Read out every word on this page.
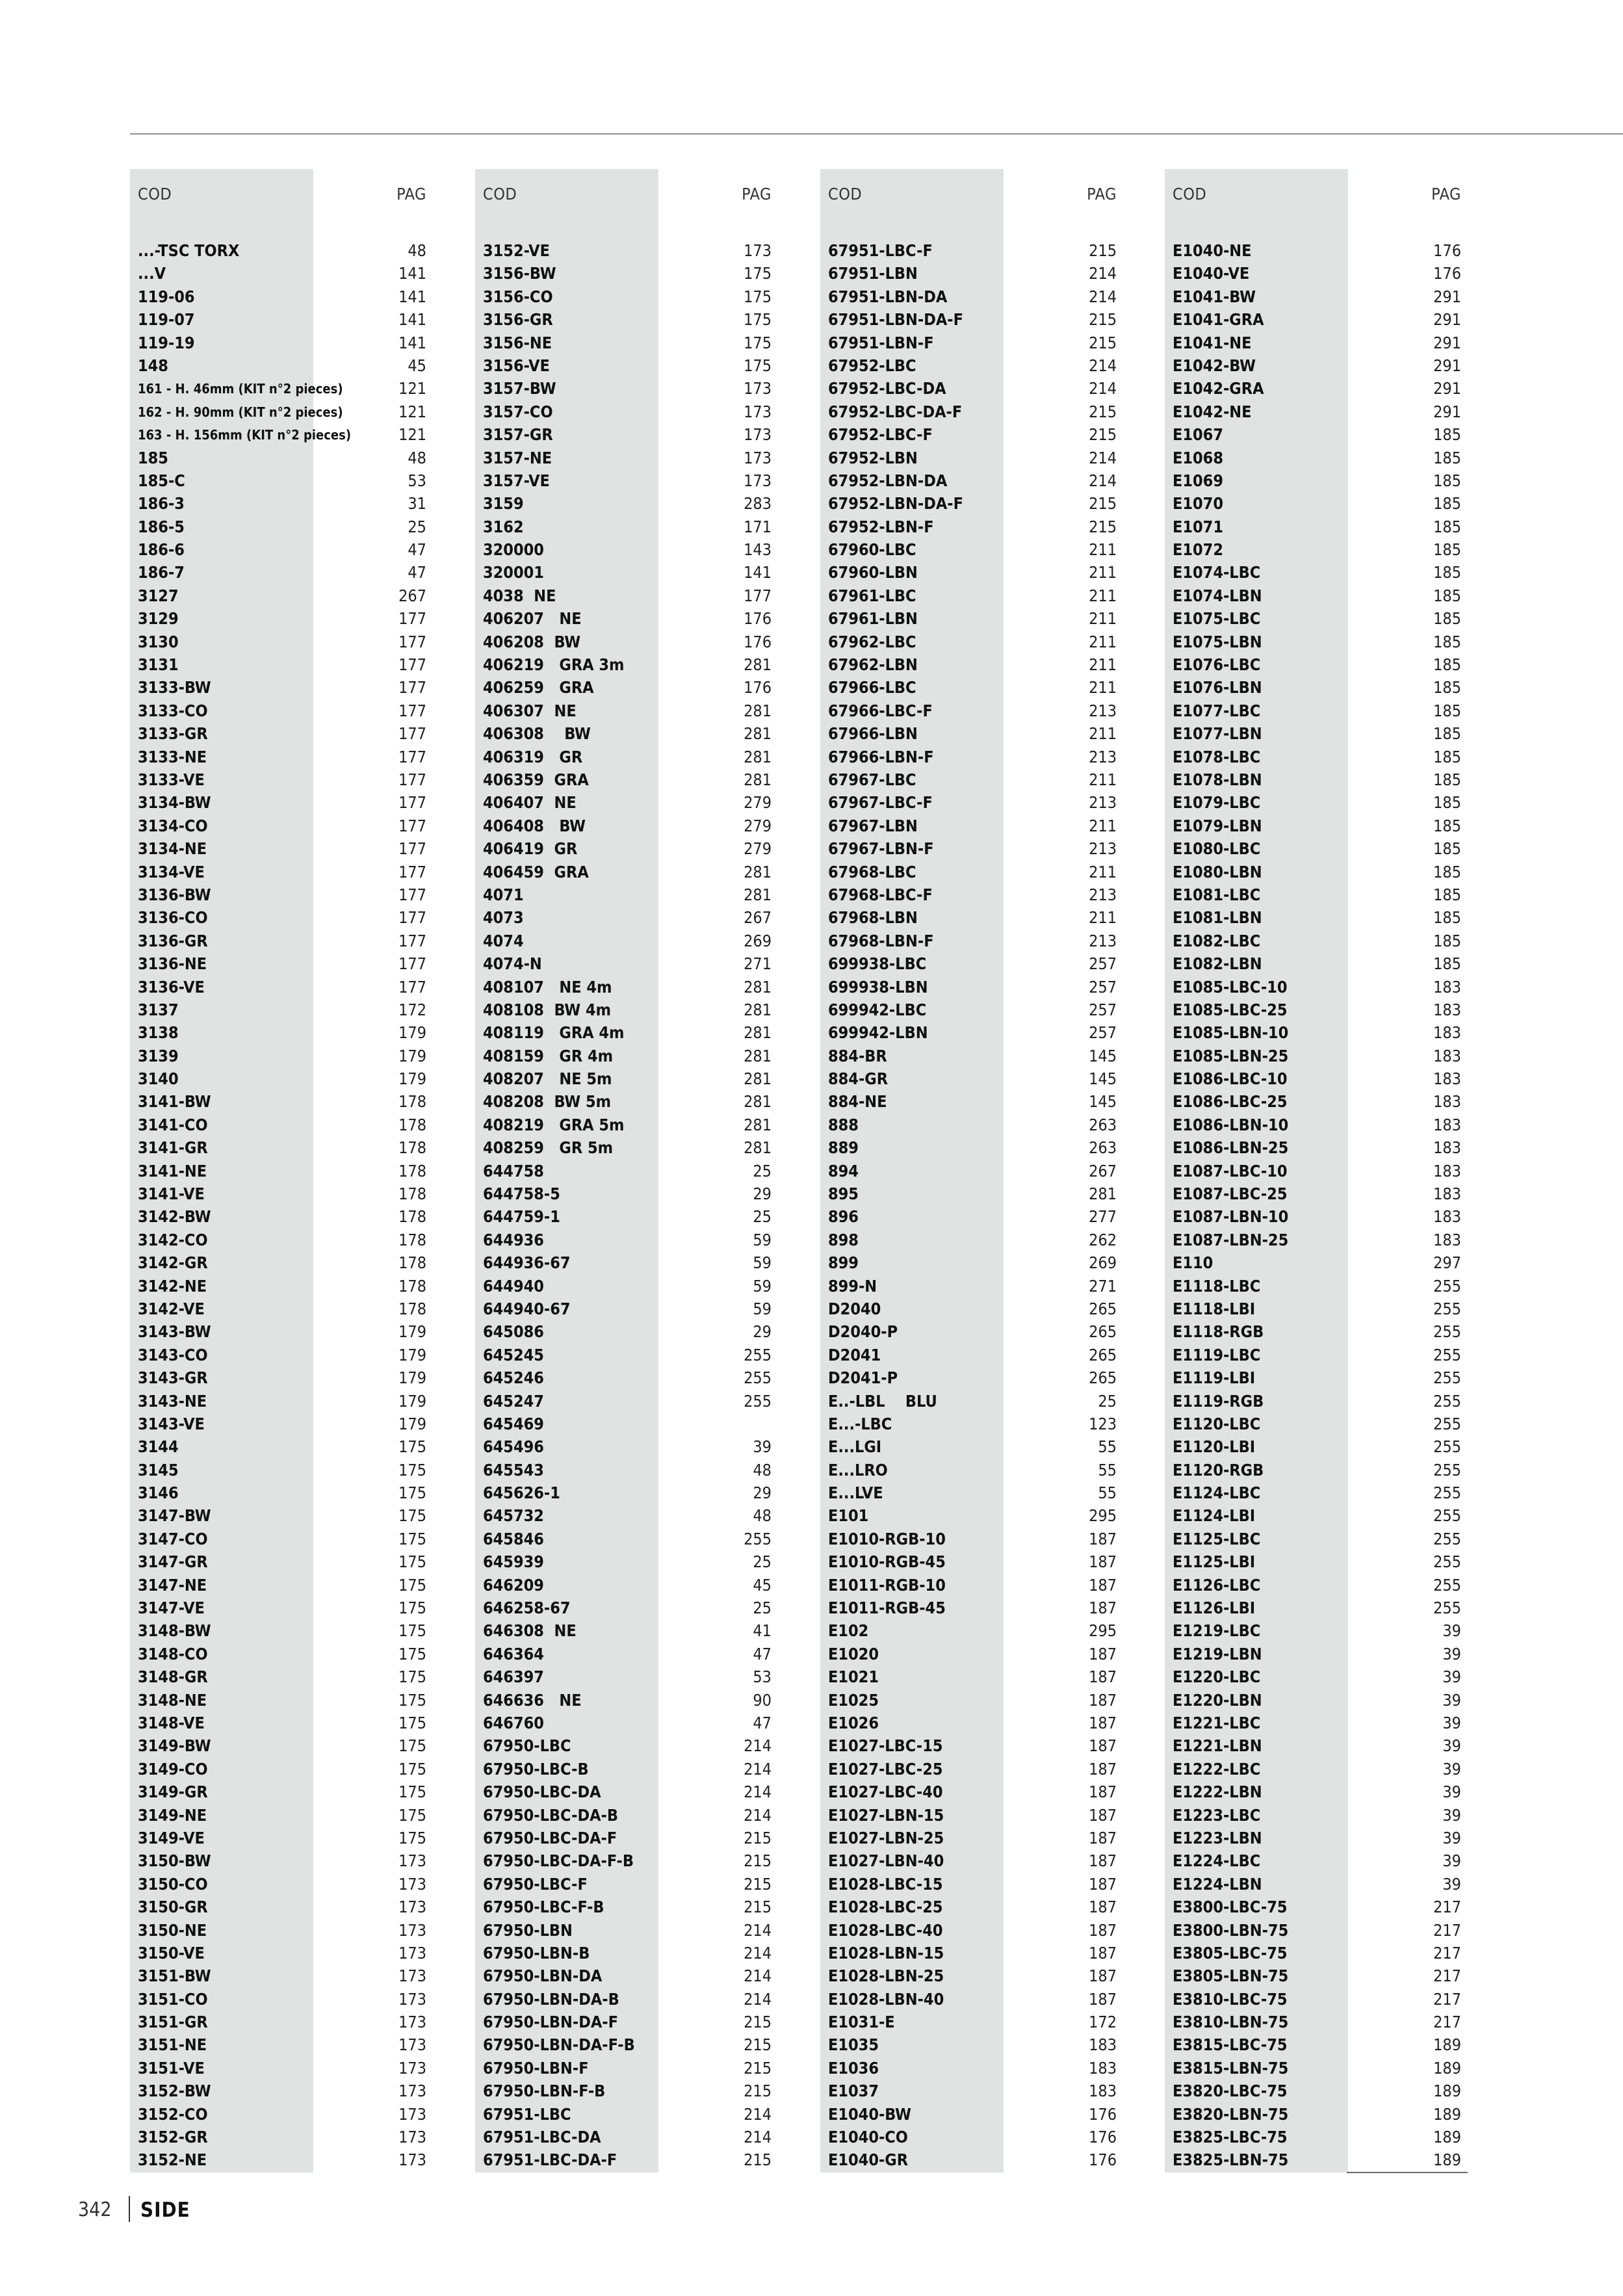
COD	PAG
...-TSC TORX	48
...V	141
119-06	141
119-07	141
119-19	141
148	45
161 - H. 46mm (KIT n°2 pieces)	121
162 - H. 90mm (KIT n°2 pieces)	121
163 - H. 156mm (KIT n°2 pieces)	121
185	48
185-C	53
186-3	31
186-5	25
186-6	47
186-7	47
3127	267
3129	177
3130	177
3131	177
3133-BW	177
3133-CO	177
3133-GR	177
3133-NE	177
3133-VE	177
3134-BW	177
3134-CO	177
3134-NE	177
3134-VE	177
3136-BW	177
3136-CO	177
3136-GR	177
3136-NE	177
3136-VE	177
3137	172
3138	179
3139	179
3140	179
3141-BW	178
3141-CO	178
3141-GR	178
3141-NE	178
3141-VE	178
3142-BW	178
3142-CO	178
3142-GR	178
3142-NE	178
3142-VE	178
3143-BW	179
3143-CO	179
3143-GR	179
3143-NE	179
3143-VE	179
3144	175
3145	175
3146	175
3147-BW	175
3147-CO	175
3147-GR	175
3147-NE	175
3147-VE	175
3148-BW	175
3148-CO	175
3148-GR	175
3148-NE	175
3148-VE	175
3149-BW	175
3149-CO	175
3149-GR	175
3149-NE	175
3149-VE	175
3150-BW	173
3150-CO	173
3150-GR	173
3150-NE	173
3150-VE	173
3151-BW	173
3151-CO	173
3151-GR	173
3151-NE	173
3151-VE	173
3152-BW	173
3152-CO	173
3152-GR	173
3152-NE	173
COD	PAG
3152-VE	173
3156-BW	175
3156-CO	175
3156-GR	175
3156-NE	175
3156-VE	175
3157-BW	173
3157-CO	173
3157-GR	173
3157-NE	173
3157-VE	173
3159	283
3162	171
320000	143
320001	141
4038  NE	177
406207   NE	176
406208  BW	176
406219   GRA 3m	281
406259   GRA	176
406307  NE	281
406308    BW	281
406319   GR	281
406359  GRA	281
406407  NE	279
406408   BW	279
406419  GR	279
406459  GRA	281
4071	281
4073	267
4074	269
4074-N	271
408107   NE 4m	281
408108  BW 4m	281
408119   GRA 4m	281
408159   GR 4m	281
408207   NE 5m	281
408208  BW 5m	281
408219   GRA 5m	281
408259   GR 5m	281
644758	25
644758-5	29
644759-1	25
644936	59
644936-67	59
644940	59
644940-67	59
645086	29
645245	255
645246	255
645247	255
645469
645496	39
645543	48
645626-1	29
645732	48
645846	255
645939	25
646209	45
646258-67	25
646308  NE	41
646364	47
646397	53
646636   NE	90
646760	47
67950-LBC	214
67950-LBC-B	214
67950-LBC-DA	214
67950-LBC-DA-B	214
67950-LBC-DA-F	215
67950-LBC-DA-F-B	215
67950-LBC-F	215
67950-LBC-F-B	215
67950-LBN	214
67950-LBN-B	214
67950-LBN-DA	214
67950-LBN-DA-B	214
67950-LBN-DA-F	215
67950-LBN-DA-F-B	215
67950-LBN-F	215
67950-LBN-F-B	215
67951-LBC	214
67951-LBC-DA	214
67951-LBC-DA-F	215
COD	PAG
67951-LBC-F	215
67951-LBN	214
67951-LBN-DA	214
67951-LBN-DA-F	215
67951-LBN-F	215
67952-LBC	214
67952-LBC-DA	214
67952-LBC-DA-F	215
67952-LBC-F	215
67952-LBN	214
67952-LBN-DA	214
67952-LBN-DA-F	215
67952-LBN-F	215
67960-LBC	211
67960-LBN	211
67961-LBC	211
67961-LBN	211
67962-LBC	211
67962-LBN	211
67966-LBC	211
67966-LBC-F	213
67966-LBN	211
67966-LBN-F	213
67967-LBC	211
67967-LBC-F	213
67967-LBN	211
67967-LBN-F	213
67968-LBC	211
67968-LBC-F	213
67968-LBN	211
67968-LBN-F	213
699938-LBC	257
699938-LBN	257
699942-LBC	257
699942-LBN	257
884-BR	145
884-GR	145
884-NE	145
888	263
889	263
894	267
895	281
896	277
898	262
899	269
899-N	271
D2040	265
D2040-P	265
D2041	265
D2041-P	265
E..-LBL    BLU	25
E...-LBC	123
E...LGI	55
E...LRO	55
E...LVE	55
E101	295
E1010-RGB-10	187
E1010-RGB-45	187
E1011-RGB-10	187
E1011-RGB-45	187
E102	295
E1020	187
E1021	187
E1025	187
E1026	187
E1027-LBC-15	187
E1027-LBC-25	187
E1027-LBC-40	187
E1027-LBN-15	187
E1027-LBN-25	187
E1027-LBN-40	187
E1028-LBC-15	187
E1028-LBC-25	187
E1028-LBC-40	187
E1028-LBN-15	187
E1028-LBN-25	187
E1028-LBN-40	187
E1031-E	172
E1035	183
E1036	183
E1037	183
E1040-BW	176
E1040-CO	176
E1040-GR	176
COD	PAG
E1040-NE	176
E1040-VE	176
E1041-BW	291
E1041-GRA	291
E1041-NE	291
E1042-BW	291
E1042-GRA	291
E1042-NE	291
E1067	185
E1068	185
E1069	185
E1070	185
E1071	185
E1072	185
E1074-LBC	185
E1074-LBN	185
E1075-LBC	185
E1075-LBN	185
E1076-LBC	185
E1076-LBN	185
E1077-LBC	185
E1077-LBN	185
E1078-LBC	185
E1078-LBN	185
E1079-LBC	185
E1079-LBN	185
E1080-LBC	185
E1080-LBN	185
E1081-LBC	185
E1081-LBN	185
E1082-LBC	185
E1082-LBN	185
E1085-LBC-10	183
E1085-LBC-25	183
E1085-LBN-10	183
E1085-LBN-25	183
E1086-LBC-10	183
E1086-LBC-25	183
E1086-LBN-10	183
E1086-LBN-25	183
E1087-LBC-10	183
E1087-LBC-25	183
E1087-LBN-10	183
E1087-LBN-25	183
E110	297
E1118-LBC	255
E1118-LBI	255
E1118-RGB	255
E1119-LBC	255
E1119-LBI	255
E1119-RGB	255
E1120-LBC	255
E1120-LBI	255
E1120-RGB	255
E1124-LBC	255
E1124-LBI	255
E1125-LBC	255
E1125-LBI	255
E1126-LBC	255
E1126-LBI	255
E1219-LBC	39
E1219-LBN	39
E1220-LBC	39
E1220-LBN	39
E1221-LBC	39
E1221-LBN	39
E1222-LBC	39
E1222-LBN	39
E1223-LBC	39
E1223-LBN	39
E1224-LBC	39
E1224-LBN	39
E3800-LBC-75	217
E3800-LBN-75	217
E3805-LBC-75	217
E3805-LBN-75	217
E3810-LBC-75	217
E3810-LBN-75	217
E3815-LBC-75	189
E3815-LBN-75	189
E3820-LBC-75	189
E3820-LBN-75	189
E3825-LBC-75	189
E3825-LBN-75	189
342 SIDE
